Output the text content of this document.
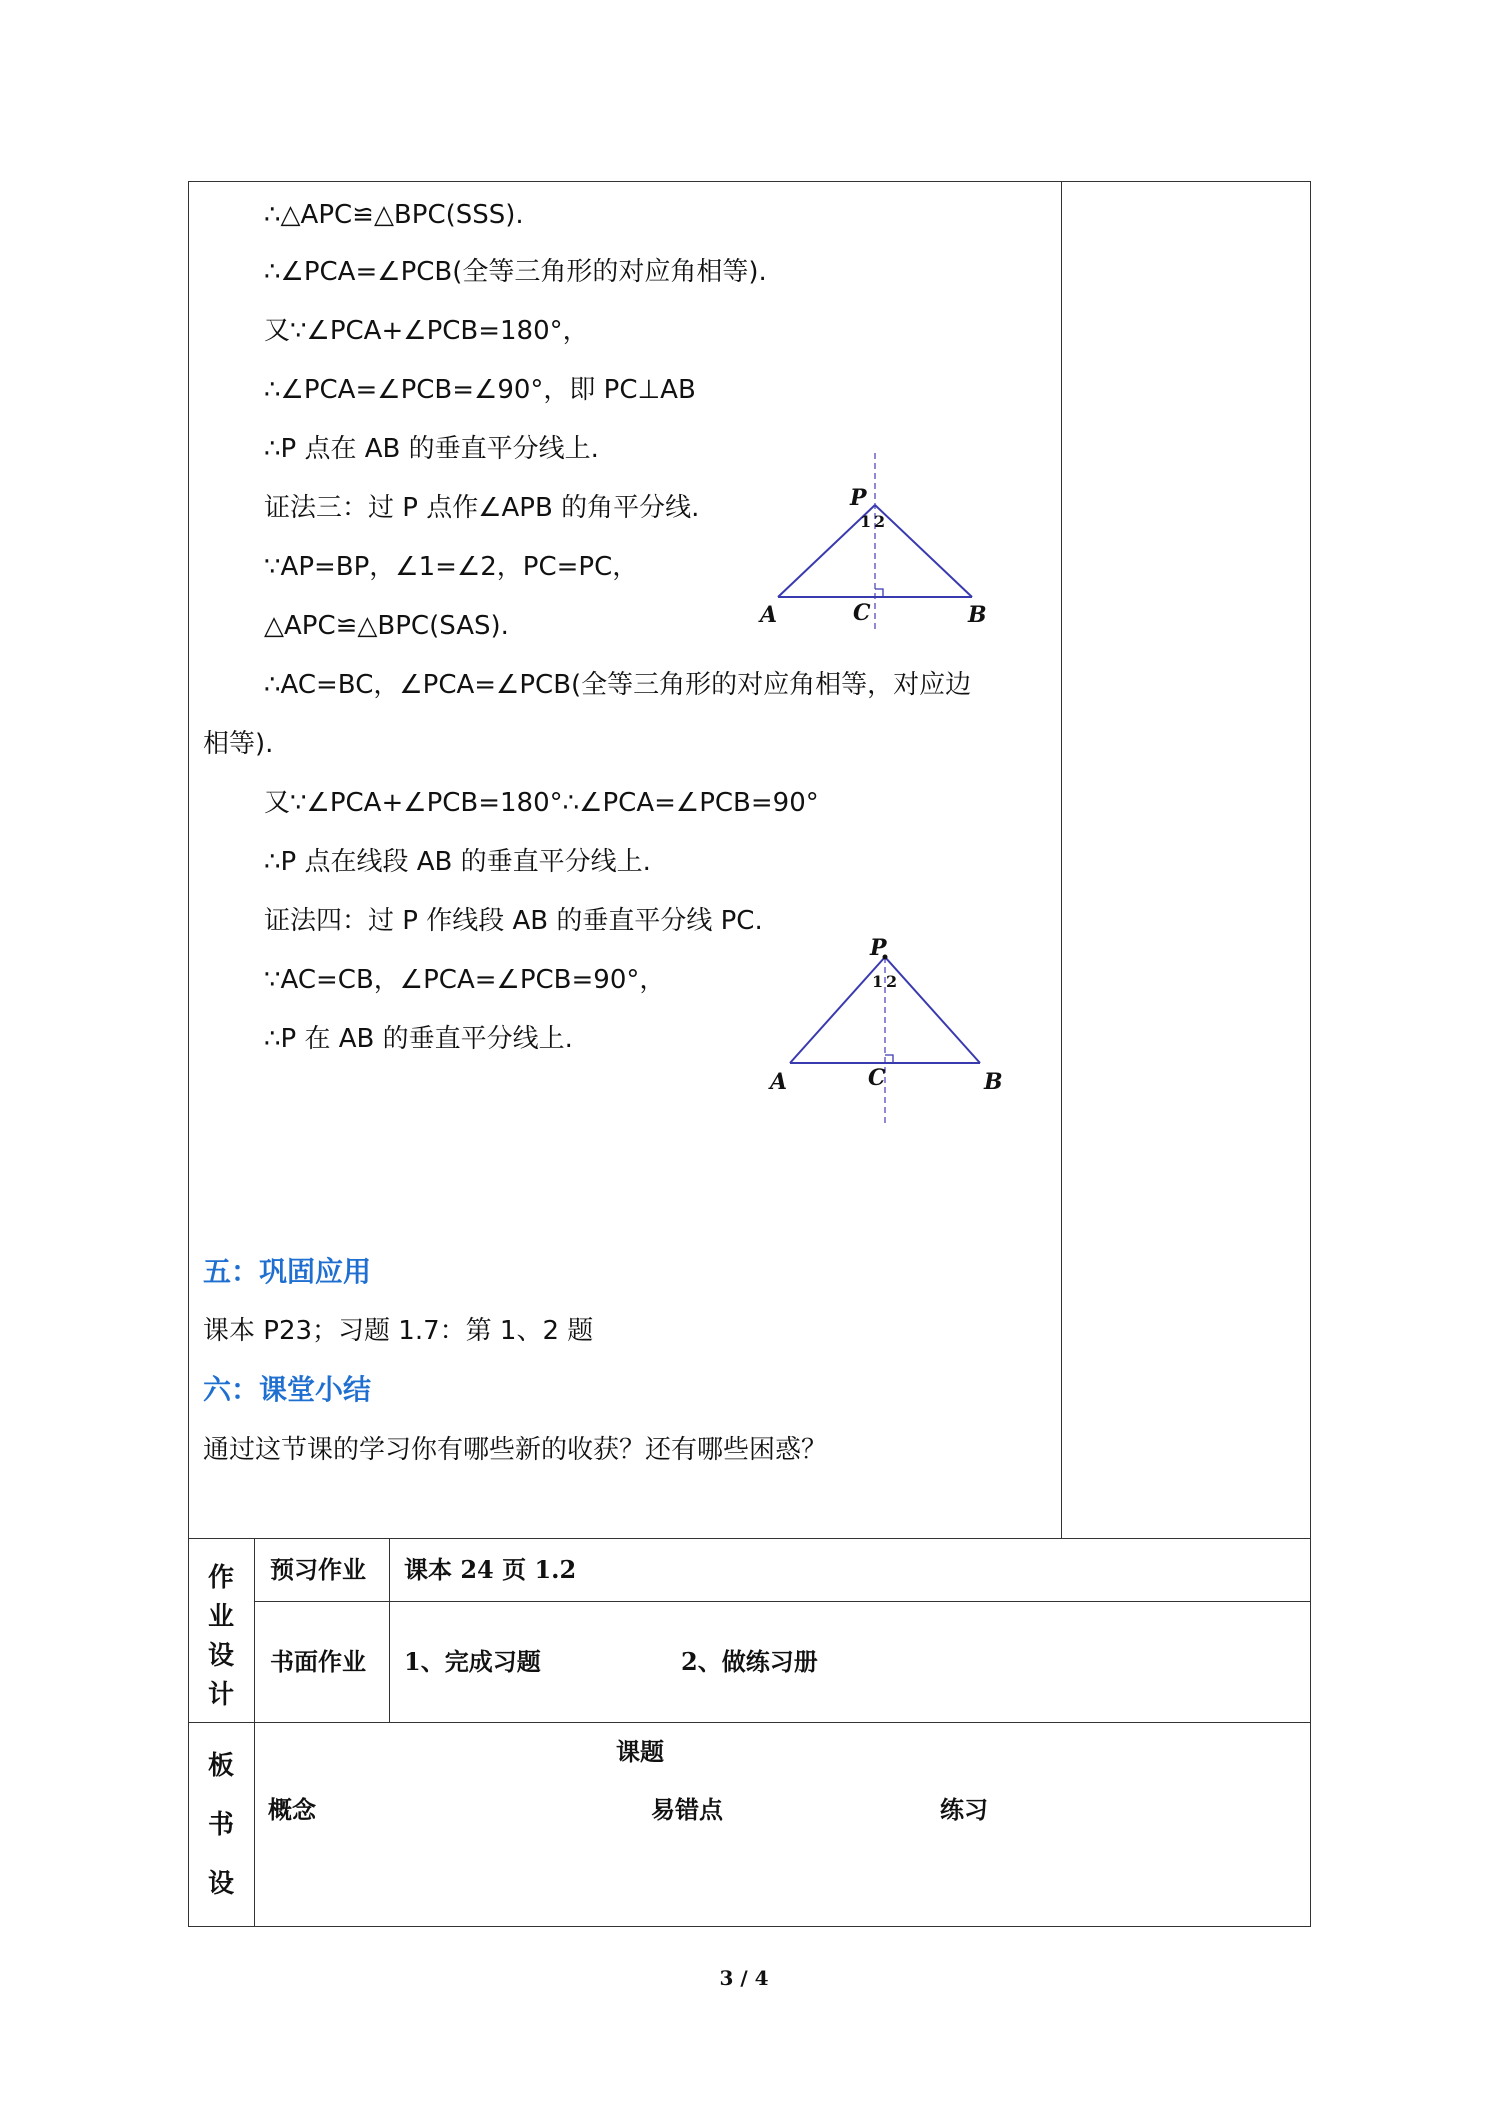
∴△APC≌△BPC(SSS).
∴∠PCA=∠PCB(全等三角形的对应角相等).
又∵∠PCA+∠PCB=180°，
∴∠PCA=∠PCB=∠90°，即 PC⊥AB
∴P 点在 AB 的垂直平分线上.
证法三：过 P 点作∠APB 的角平分线.
∵AP=BP，∠1=∠2，PC=PC，
△APC≌△BPC(SAS).
∴AC=BC，∠PCA=∠PCB(全等三角形的对应角相等，对应边
相等).
又∵∠PCA+∠PCB=180°∴∠PCA=∠PCB=90°
∴P 点在线段 AB 的垂直平分线上.
证法四：过 P 作线段 AB 的垂直平分线 PC.
∵AC=CB，∠PCA=∠PCB=90°，
∴P 在 AB 的垂直平分线上.
P
1 2
A	C	B
P
1 2
A	C	B
五：巩固应用
课本 P23；习题 1.7：第 1、2 题
六：课堂小结
通过这节课的学习你有哪些新的收获？还有哪些困惑？
作
业
设
计
预习作业 课本 24 页 1.2
书面作业 1、完成习题	2、做练习册
板
书
设
课题
概念	易错点	练习
3 / 4
